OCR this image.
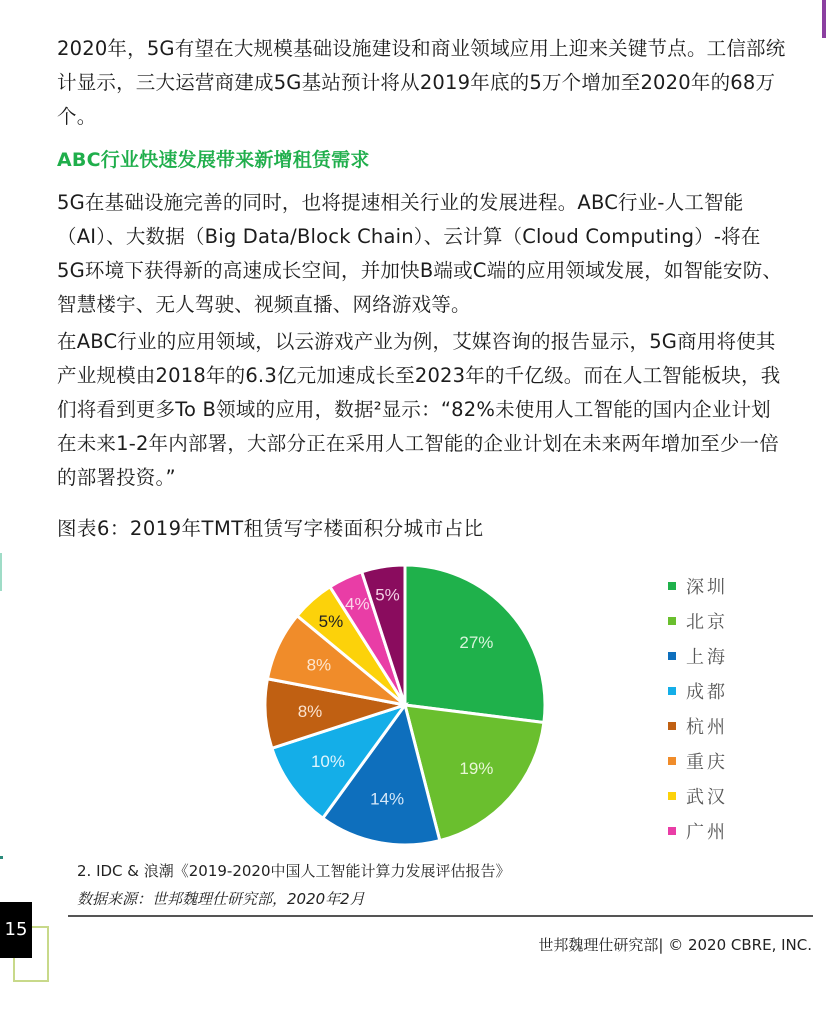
2020年，5G有望在大规模基础设施建设和商业领域应用上迎来关键节点。工信部统计显示，三大运营商建成5G基站预计将从2019年底的5万个增加至2020年的68万个。
ABC行业快速发展带来新增租赁需求
5G在基础设施完善的同时，也将提速相关行业的发展进程。ABC行业-人工智能（AI）、大数据（Big Data/Block Chain）、云计算（Cloud Computing）-将在5G环境下获得新的高速成长空间，并加快B端或C端的应用领域发展，如智能安防、智慧楼宇、无人驾驶、视频直播、网络游戏等。
在ABC行业的应用领域，以云游戏产业为例，艾媒咨询的报告显示，5G商用将使其产业规模由2018年的6.3亿元加速成长至2023年的千亿级。而在人工智能板块，我们将看到更多To B领域的应用，数据²显示：“82%未使用人工智能的国内企业计划在未来1-2年内部署，大部分正在采用人工智能的企业计划在未来两年增加至少一倍的部署投资。”
图表6：2019年TMT租赁写字楼面积分城市占比
27%
19%
14%
10%
8%
8%
5%
4% 5%	深圳
北京
上海
成都
杭州
重庆
武汉
广州
2. IDC & 浪潮《2019-2020中国人工智能计算力发展评估报告》
数据来源：世邦魏理仕研究部，2020年2月
世邦魏理仕研究部| © 2020 CBRE, INC.
15
